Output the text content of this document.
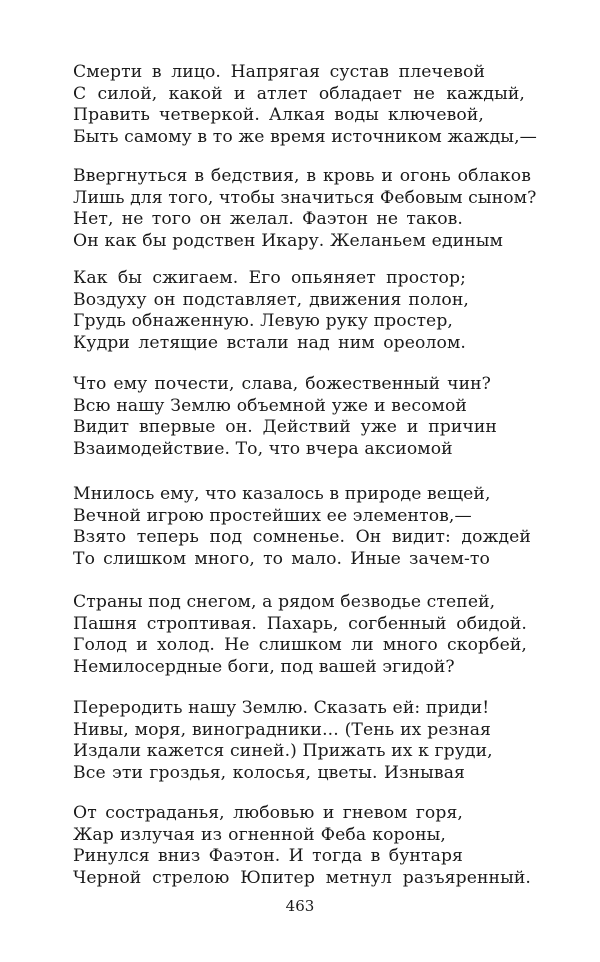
Смерти в лицо. Напрягая сустав плечевой
С силой, какой и атлет обладает не каждый,
Править четверкой. Алкая воды ключевой,
Быть самому в то же время источником жажды,—
Ввергнуться в бедствия, в кровь и огонь облаков
Лишь для того, чтобы значиться Фебовым сыном?
Нет, не того он желал. Фаэтон не таков.
Он как бы родствен Икару. Желаньем единым
Как бы сжигаем. Его опьяняет простор;
Воздуху он подставляет, движения полон,
Грудь обнаженную. Левую руку простер,
Кудри летящие встали над ним ореолом.
Что ему почести, слава, божественный чин?
Всю нашу Землю объемной уже и весомой
Видит впервые он. Действий уже и причин
Взаимодействие. То, что вчера аксиомой
Мнилось ему, что казалось в природе вещей,
Вечной игрою простейших ее элементов,—
Взято теперь под сомненье. Он видит: дождей
То слишком много, то мало. Иные зачем-то
Страны под снегом, а рядом безводье степей,
Пашня строптивая. Пахарь, согбенный обидой.
Голод и холод. Не слишком ли много скорбей,
Немилосердные боги, под вашей эгидой?
Переродить нашу Землю. Сказать ей: приди!
Нивы, моря, виноградники... (Тень их резная
Издали кажется синей.) Прижать их к груди,
Все эти гроздья, колосья, цветы. Изнывая
От состраданья, любовью и гневом горя,
Жар излучая из огненной Феба короны,
Ринулся вниз Фаэтон. И тогда в бунтаря
Черной стрелою Юпитер метнул разъяренный.
463
